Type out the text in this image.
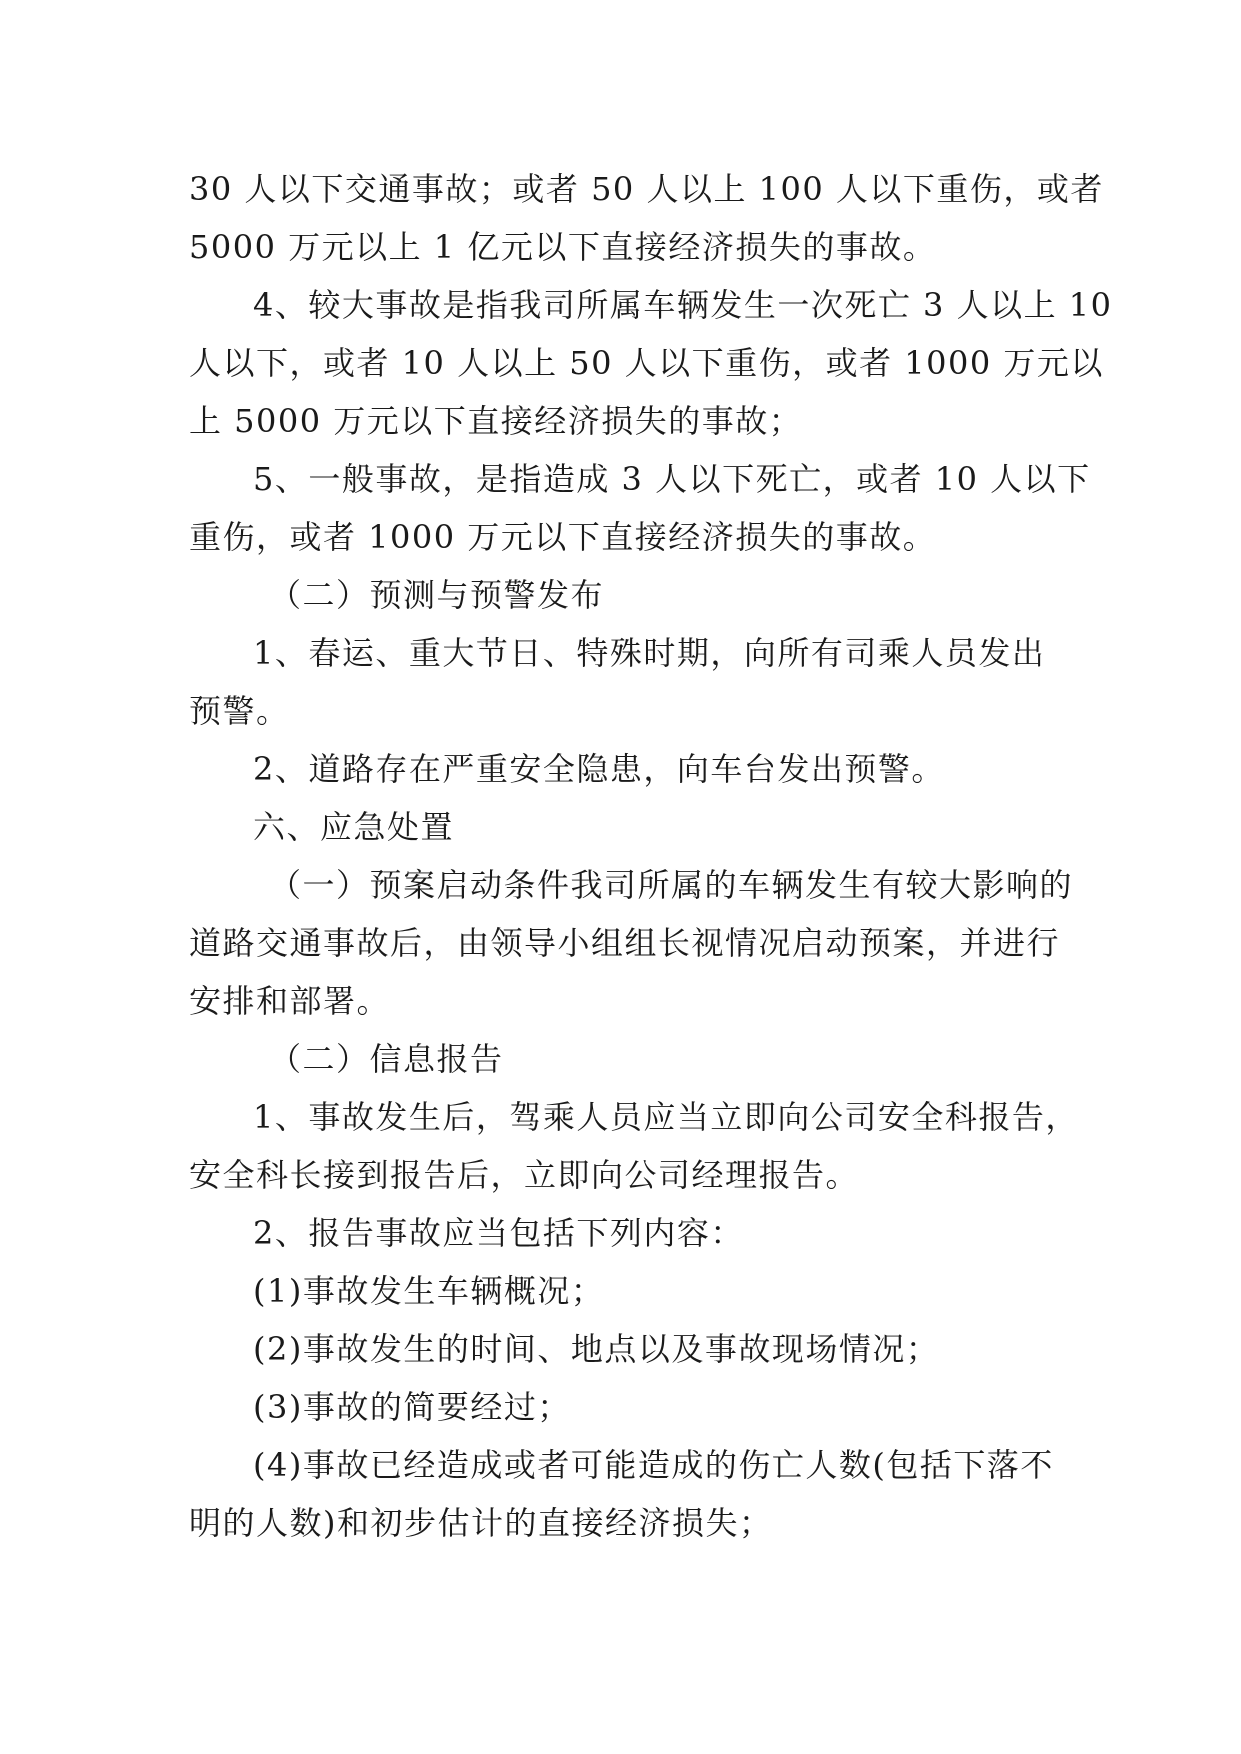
30 人以下交通事故；或者 50 人以上 100 人以下重伤，或者
5000 万元以上 1 亿元以下直接经济损失的事故。
4、较大事故是指我司所属车辆发生一次死亡 3 人以上 10
人以下，或者 10 人以上 50 人以下重伤，或者 1000 万元以
上 5000 万元以下直接经济损失的事故；
5、一般事故，是指造成 3 人以下死亡，或者 10 人以下
重伤，或者 1000 万元以下直接经济损失的事故。
（二）预测与预警发布
1、春运、重大节日、特殊时期，向所有司乘人员发出
预警。
2、道路存在严重安全隐患，向车台发出预警。
六、应急处置
（一）预案启动条件我司所属的车辆发生有较大影响的
道路交通事故后，由领导小组组长视情况启动预案，并进行
安排和部署。
（二）信息报告
1、事故发生后，驾乘人员应当立即向公司安全科报告，
安全科长接到报告后，立即向公司经理报告。
2、报告事故应当包括下列内容：
(1)事故发生车辆概况；
(2)事故发生的时间、地点以及事故现场情况；
(3)事故的简要经过；
(4)事故已经造成或者可能造成的伤亡人数(包括下落不
明的人数)和初步估计的直接经济损失；
